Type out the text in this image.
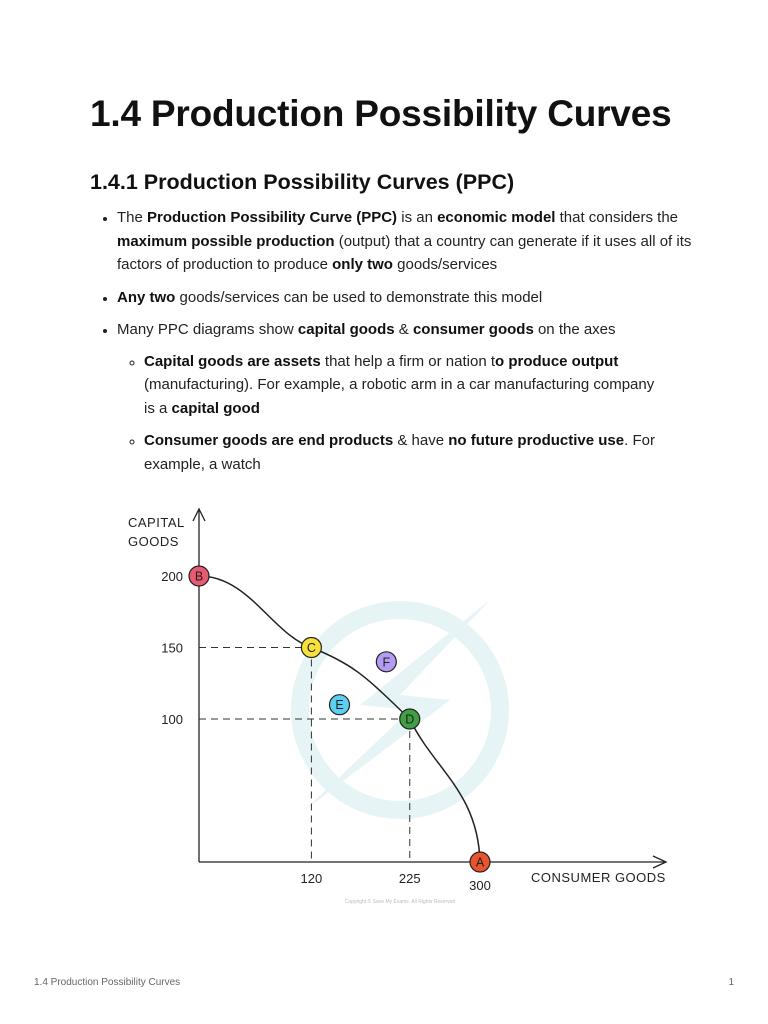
1.4 Production Possibility Curves
1.4.1 Production Possibility Curves (PPC)
• The Production Possibility Curve (PPC) is an economic model that considers the maximum possible production (output) that a country can generate if it uses all of its factors of production to produce only two goods/services
• Any two goods/services can be used to demonstrate this model
• Many PPC diagrams show capital goods & consumer goods on the axes
◦ Capital goods are assets that help a firm or nation to produce output (manufacturing). For example, a robotic arm in a car manufacturing company is a capital good
◦ Consumer goods are end products & have no future productive use. For example, a watch
200
150
100
120	225	300
A
B
C
D
E
F
CAPITAL
GOODS
CONSUMER GOODS
Copyright © Save My Exams. All Rights Reserved
1.4 Production Possibility Curves	1
